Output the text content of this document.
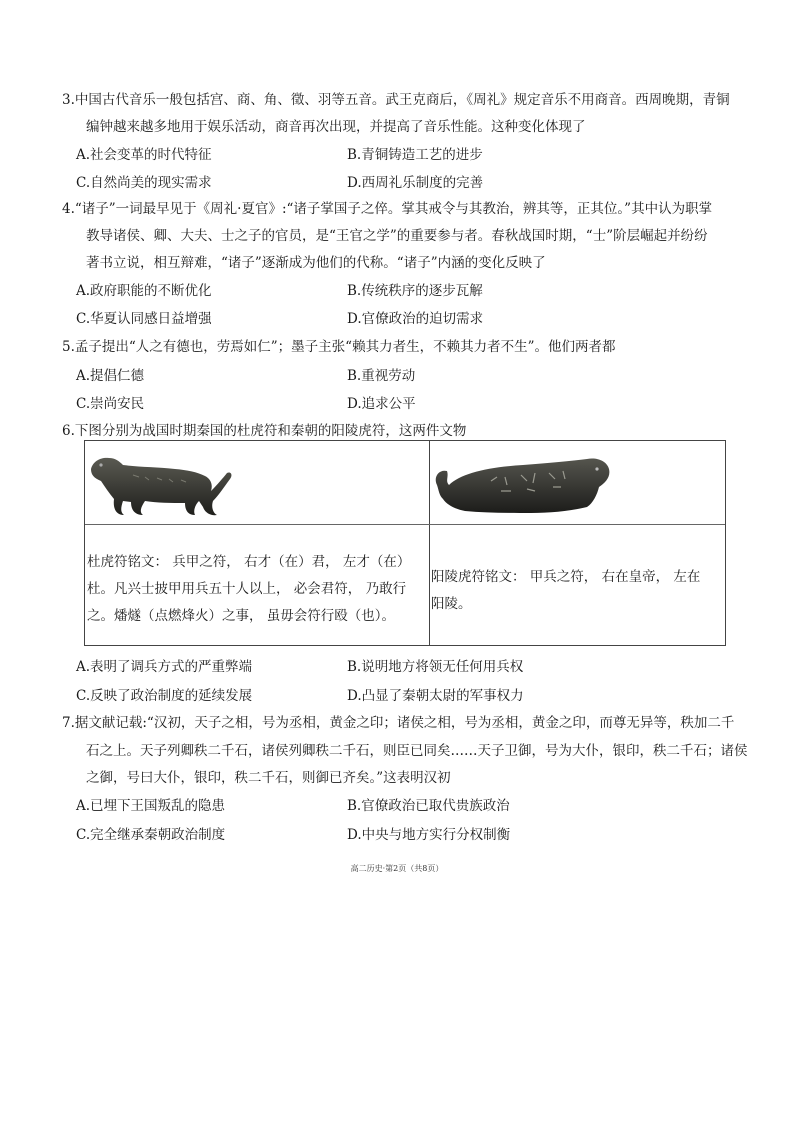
3.中国古代音乐一般包括宫、商、角、徵、羽等五音。武王克商后，《周礼》规定音乐不用商音。西周晚期，青铜
编钟越来越多地用于娱乐活动，商音再次出现，并提高了音乐性能。这种变化体现了
A.社会变革的时代特征	B.青铜铸造工艺的进步
C.自然尚美的现实需求	D.西周礼乐制度的完善
4.“诸子”一词最早见于《周礼·夏官》:“诸子掌国子之倅。掌其戒令与其教治，辨其等，正其位。”其中认为职掌
教导诸侯、卿、大夫、士之子的官员，是“王官之学”的重要参与者。春秋战国时期，“士”阶层崛起并纷纷
著书立说，相互辩难，“诸子”逐渐成为他们的代称。“诸子”内涵的变化反映了
A.政府职能的不断优化	B.传统秩序的逐步瓦解
C.华夏认同感日益增强	D.官僚政治的迫切需求
5.孟子提出“人之有德也，劳焉如仁”；墨子主张“赖其力者生，不赖其力者不生”。他们两者都
A.提倡仁德	B.重视劳动
C.崇尚安民	D.追求公平
6.下图分别为战国时期秦国的杜虎符和秦朝的阳陵虎符，这两件文物
杜虎符铭文： 兵甲之符， 右才（在）君， 左才（在）
杜。凡兴士披甲用兵五十人以上， 必会君符， 乃敢行
之。燔燧（点燃烽火）之事， 虽毋会符行殴（也）。
阳陵虎符铭文： 甲兵之符， 右在皇帝， 左在
阳陵。
A.表明了调兵方式的严重弊端	B.说明地方将领无任何用兵权
C.反映了政治制度的延续发展	D.凸显了秦朝太尉的军事权力
7.据文献记载:“汉初，天子之相，号为丞相，黄金之印；诸侯之相，号为丞相，黄金之印，而尊无异等，秩加二千
石之上。天子列卿秩二千石，诸侯列卿秩二千石，则臣已同矣……天子卫御，号为大仆，银印，秩二千石；诸侯
之御，号曰大仆，银印，秩二千石，则御已齐矣。”这表明汉初
A.已埋下王国叛乱的隐患	B.官僚政治已取代贵族政治
C.完全继承秦朝政治制度	D.中央与地方实行分权制衡
高二历史·第2页（共8页）
